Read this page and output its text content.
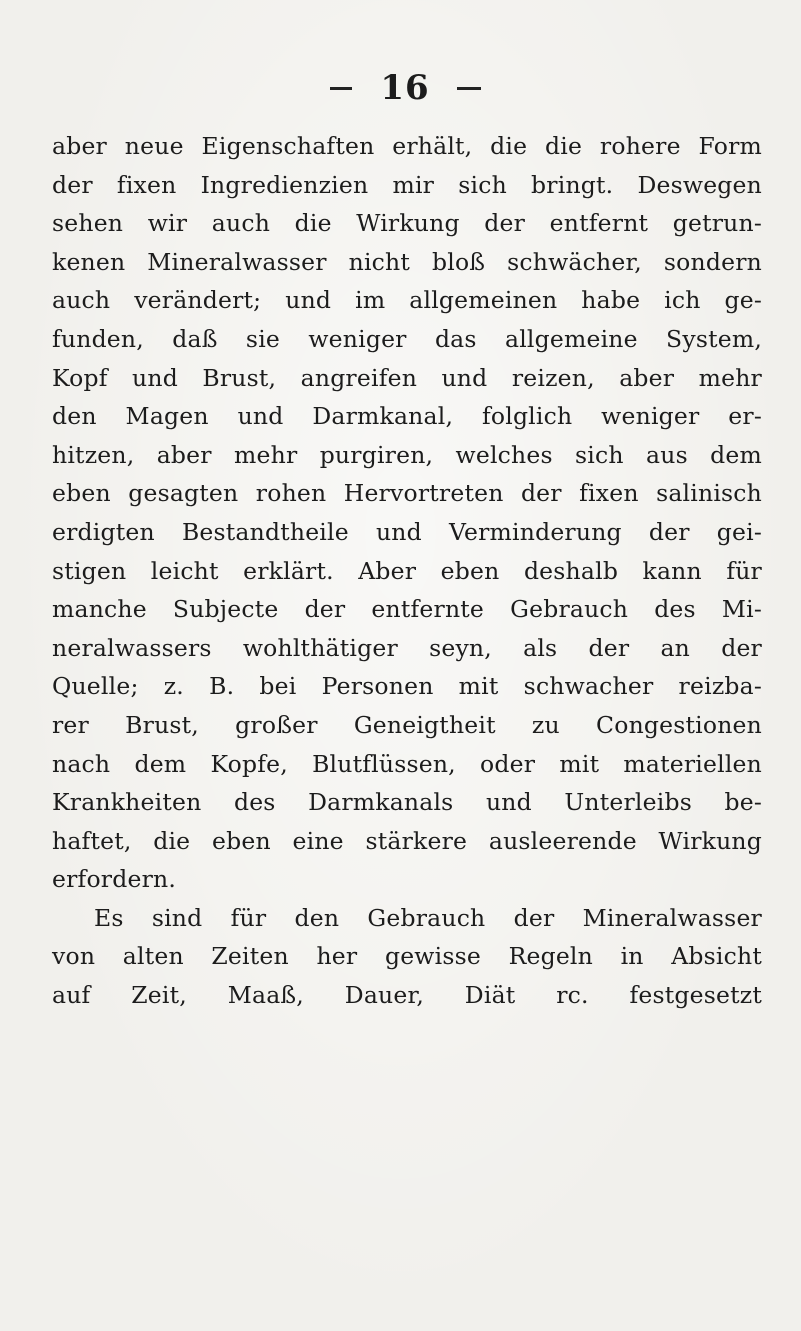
16
aber neue Eigenschaften erhält, die die rohere Form
der fixen Ingredienzien mir sich bringt. Deswegen
sehen wir auch die Wirkung der entfernt getrun-
kenen Mineralwasser nicht bloß schwächer, sondern
auch verändert; und im allgemeinen habe ich ge-
funden, daß sie weniger das allgemeine System,
Kopf und Brust, angreifen und reizen, aber mehr
den Magen und Darmkanal, folglich weniger er-
hitzen, aber mehr purgiren, welches sich aus dem
eben gesagten rohen Hervortreten der fixen salinisch
erdigten Bestandtheile und Verminderung der gei-
stigen leicht erklärt. Aber eben deshalb kann für
manche Subjecte der entfernte Gebrauch des Mi-
neralwassers wohlthätiger seyn, als der an der
Quelle; z. B. bei Personen mit schwacher reizba-
rer Brust, großer Geneigtheit zu Congestionen
nach dem Kopfe, Blutflüssen, oder mit materiellen
Krankheiten des Darmkanals und Unterleibs be-
haftet, die eben eine stärkere ausleerende Wirkung
erfordern.
Es sind für den Gebrauch der Mineralwasser
von alten Zeiten her gewisse Regeln in Absicht
auf Zeit, Maaß, Dauer, Diät rc. festgesetzt
